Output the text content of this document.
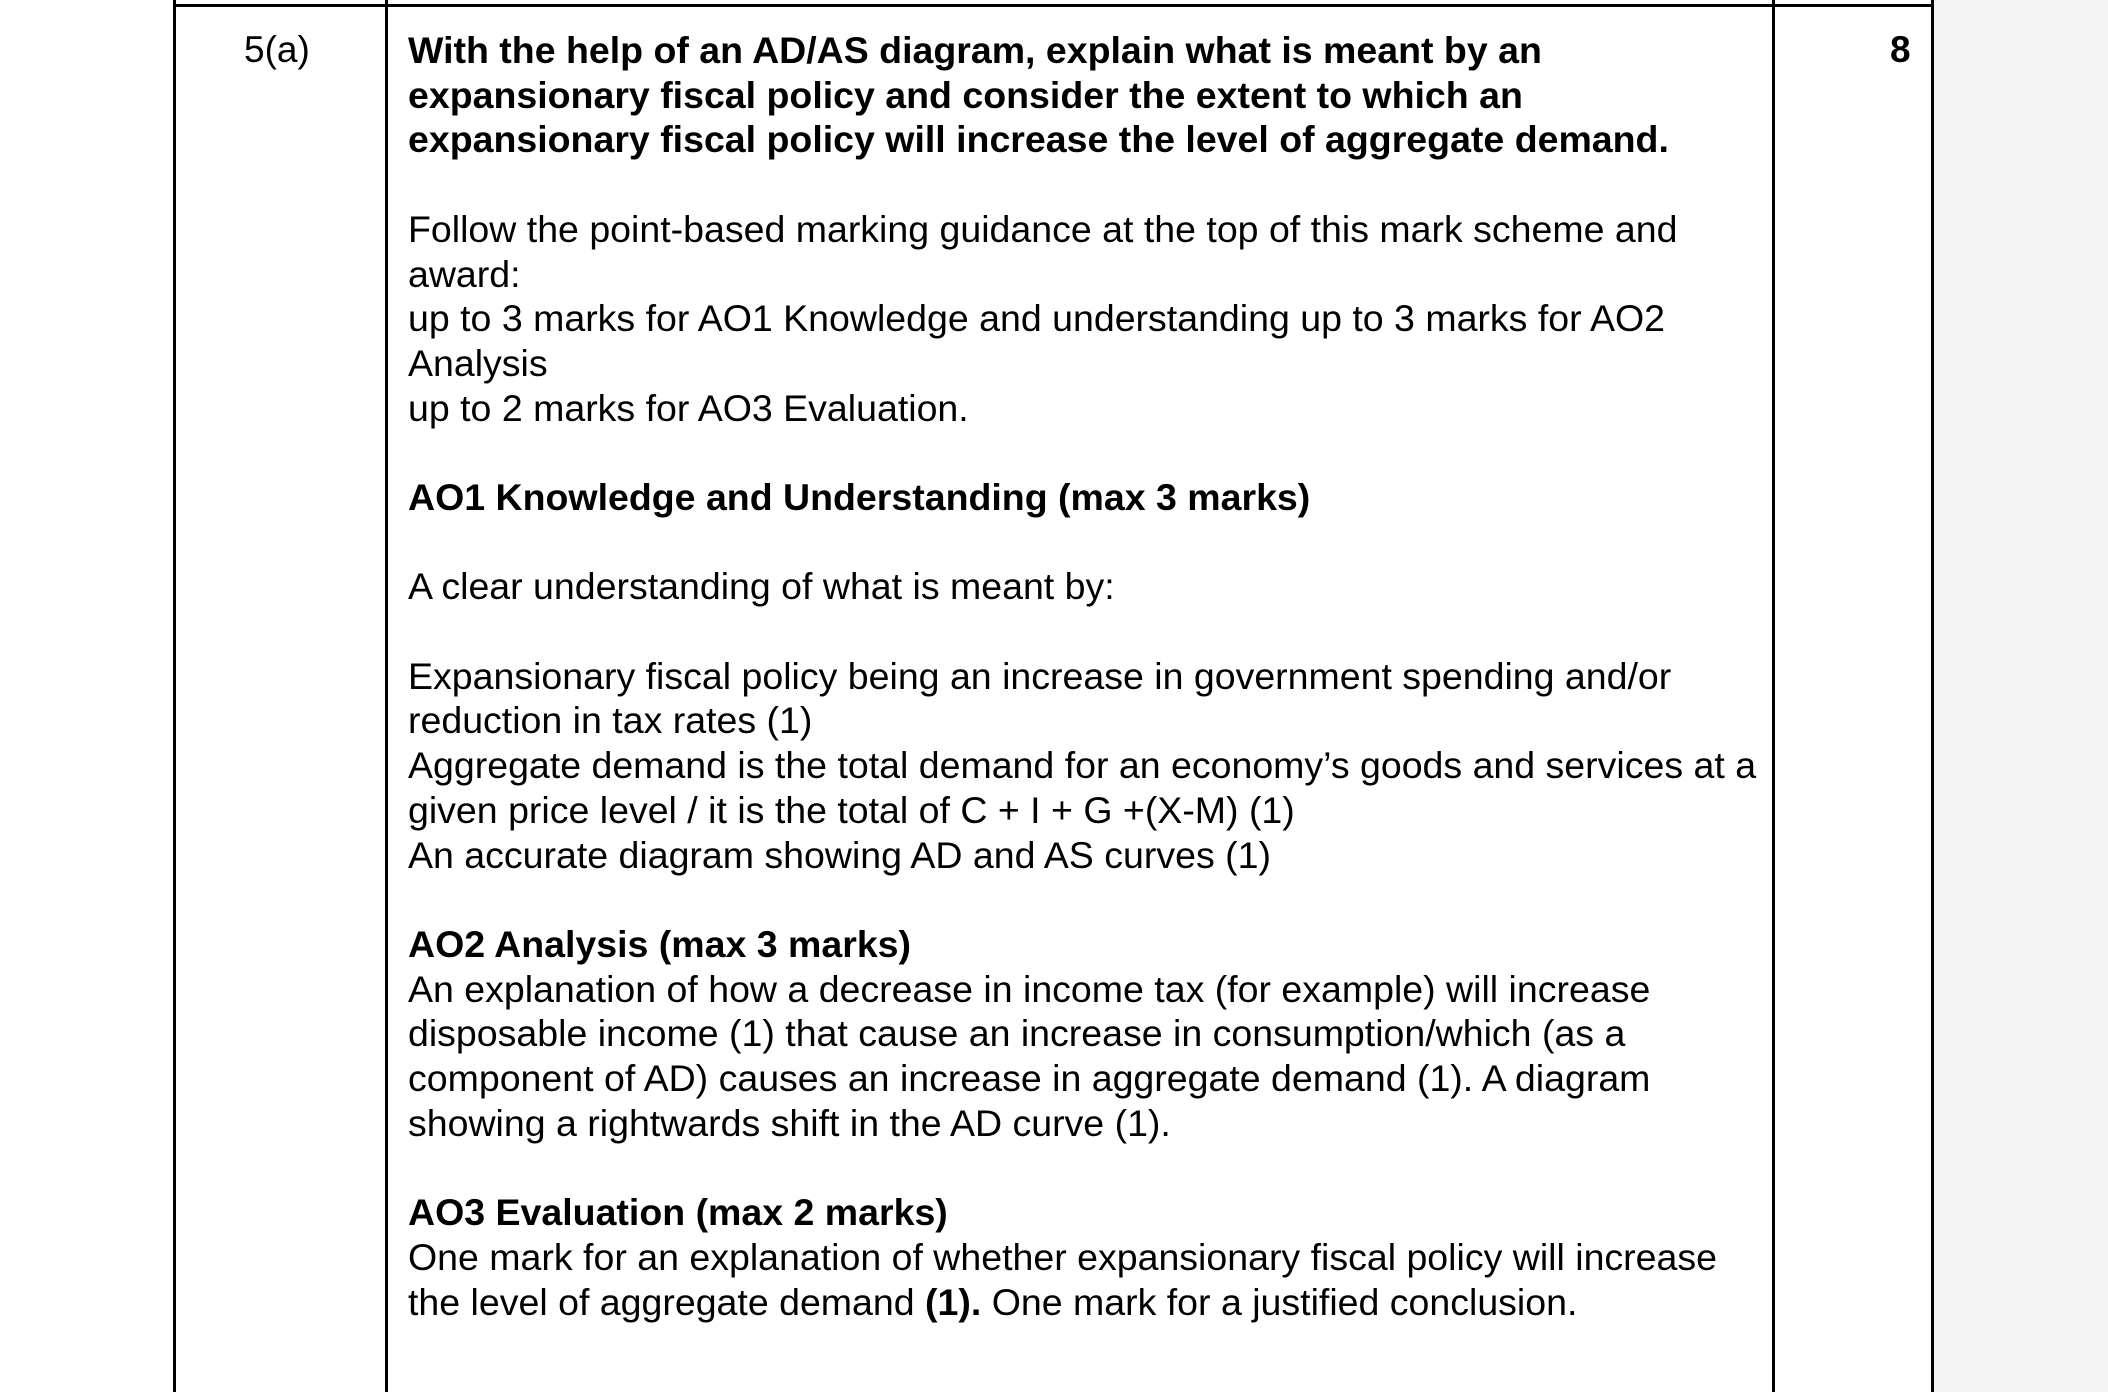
5(a)	8

With the help of an AD/AS diagram, explain what is meant by an expansionary fiscal policy and consider the extent to which an expansionary fiscal policy will increase the level of aggregate demand.

Follow the point-based marking guidance at the top of this mark scheme and award:

up to 3 marks for AO1 Knowledge and understanding up to 3 marks for AO2 Analysis

up to 2 marks for AO3 Evaluation.

AO1 Knowledge and Understanding (max 3 marks)

A clear understanding of what is meant by:

Expansionary fiscal policy being an increase in government spending and/or reduction in tax rates (1)

Aggregate demand is the total demand for an economy’s goods and services at a given price level / it is the total of C + I + G +(X-M) (1)

An accurate diagram showing AD and AS curves (1)

AO2 Analysis (max 3 marks)

An explanation of how a decrease in income tax (for example) will increase disposable income (1) that cause an increase in consumption/which (as a component of AD) causes an increase in aggregate demand (1). A diagram showing a rightwards shift in the AD curve (1).

AO3 Evaluation (max 2 marks)

One mark for an explanation of whether expansionary fiscal policy will increase the level of aggregate demand (1). One mark for a justified conclusion.
